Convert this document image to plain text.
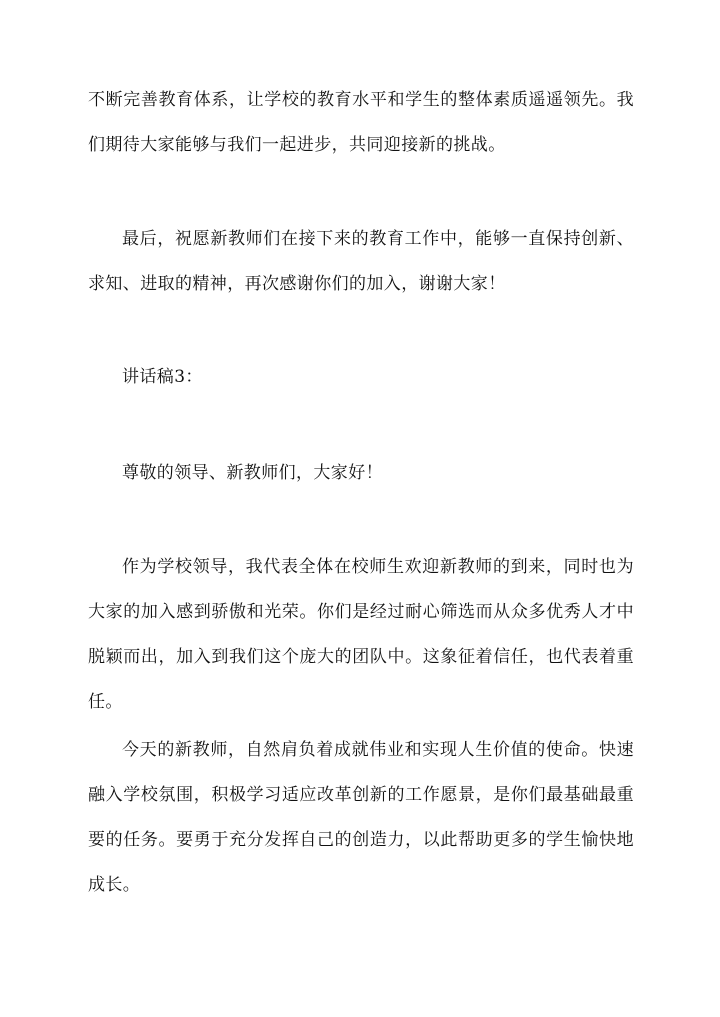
不断完善教育体系，让学校的教育水平和学生的整体素质遥遥领先。我们期待大家能够与我们一起进步，共同迎接新的挑战。

最后，祝愿新教师们在接下来的教育工作中，能够一直保持创新、求知、进取的精神，再次感谢你们的加入，谢谢大家！

讲话稿3：

尊敬的领导、新教师们，大家好！

作为学校领导，我代表全体在校师生欢迎新教师的到来，同时也为大家的加入感到骄傲和光荣。你们是经过耐心筛选而从众多优秀人才中脱颖而出，加入到我们这个庞大的团队中。这象征着信任，也代表着重任。

今天的新教师，自然肩负着成就伟业和实现人生价值的使命。快速融入学校氛围，积极学习适应改革创新的工作愿景，是你们最基础最重要的任务。要勇于充分发挥自己的创造力，以此帮助更多的学生愉快地成长。
